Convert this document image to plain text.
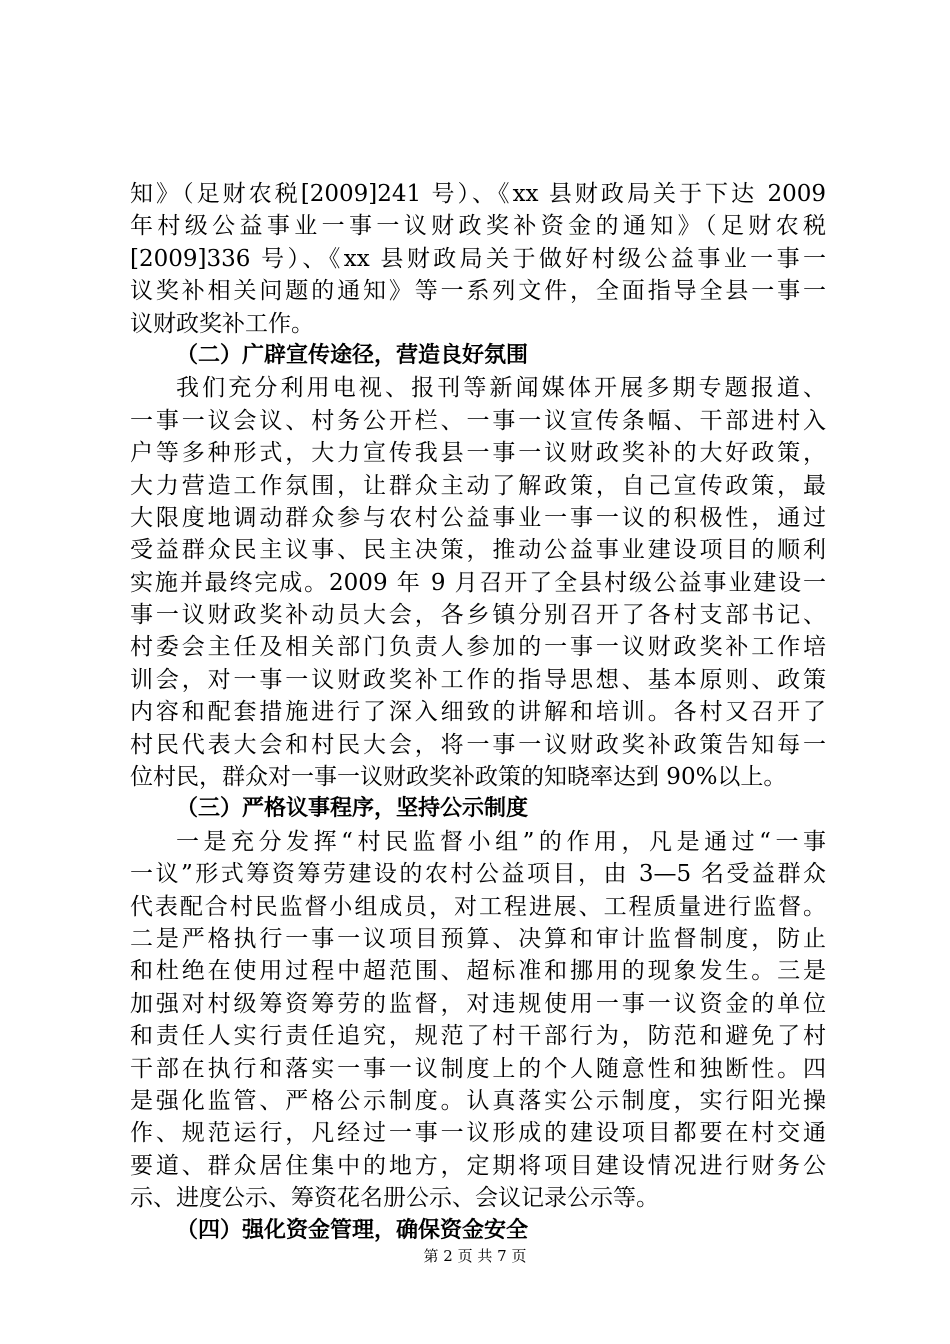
知》（足财农税[2009]241 号）、《xx 县财政局关于下达 2009
年村级公益事业一事一议财政奖补资金的通知》（足财农税
[2009]336 号）、《xx 县财政局关于做好村级公益事业一事一
议奖补相关问题的通知》等一系列文件，全面指导全县一事一
议财政奖补工作。
（二）广辟宣传途径，营造良好氛围
我们充分利用电视、报刊等新闻媒体开展多期专题报道、
一事一议会议、村务公开栏、一事一议宣传条幅、干部进村入
户等多种形式，大力宣传我县一事一议财政奖补的大好政策，
大力营造工作氛围，让群众主动了解政策，自己宣传政策，最
大限度地调动群众参与农村公益事业一事一议的积极性，通过
受益群众民主议事、民主决策，推动公益事业建设项目的顺利
实施并最终完成。2009 年 9 月召开了全县村级公益事业建设一
事一议财政奖补动员大会，各乡镇分别召开了各村支部书记、
村委会主任及相关部门负责人参加的一事一议财政奖补工作培
训会，对一事一议财政奖补工作的指导思想、基本原则、政策
内容和配套措施进行了深入细致的讲解和培训。各村又召开了
村民代表大会和村民大会，将一事一议财政奖补政策告知每一
位村民，群众对一事一议财政奖补政策的知晓率达到 90%以上。
（三）严格议事程序，坚持公示制度
一是充分发挥“村民监督小组”的作用，凡是通过“一事
一议”形式筹资筹劳建设的农村公益项目，由 3—5 名受益群众
代表配合村民监督小组成员，对工程进展、工程质量进行监督。
二是严格执行一事一议项目预算、决算和审计监督制度，防止
和杜绝在使用过程中超范围、超标准和挪用的现象发生。三是
加强对村级筹资筹劳的监督，对违规使用一事一议资金的单位
和责任人实行责任追究，规范了村干部行为，防范和避免了村
干部在执行和落实一事一议制度上的个人随意性和独断性。四
是强化监管、严格公示制度。认真落实公示制度，实行阳光操
作、规范运行，凡经过一事一议形成的建设项目都要在村交通
要道、群众居住集中的地方，定期将项目建设情况进行财务公
示、进度公示、筹资花名册公示、会议记录公示等。
（四）强化资金管理，确保资金安全
第 2 页 共 7 页
